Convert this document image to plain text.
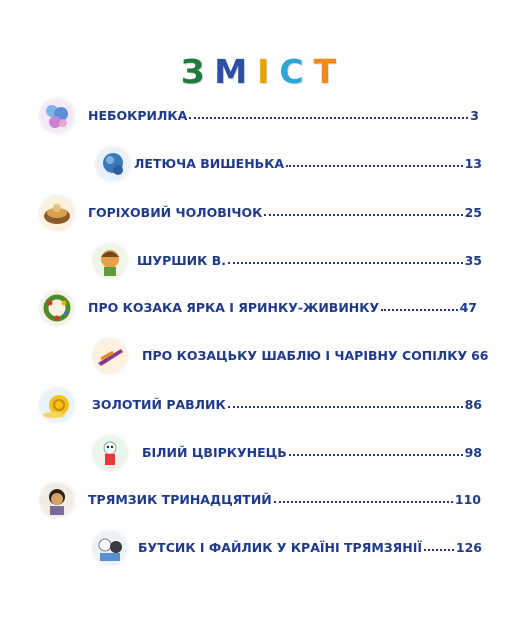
ЗМІСТ
НЕБОКРИЛКА	3
ЛЕТЮЧА ВИШЕНЬКА	13
ГОРІХОВИЙ ЧОЛОВІЧОК	25
ШУРШИК В.	35
ПРО КОЗАКА ЯРКА І ЯРИНКУ-ЖИВИНКУ	47
ПРО КОЗАЦЬКУ ШАБЛЮ І ЧАРІВНУ СОПІЛКУ 66
ЗОЛОТИЙ РАВЛИК	86
БІЛИЙ ЦВІРКУНЕЦЬ	98
ТРЯМЗИК ТРИНАДЦЯТИЙ	110
БУТСИК І ФАЙЛИК У КРАЇНІ ТРЯМЗЯНІЇ	126
